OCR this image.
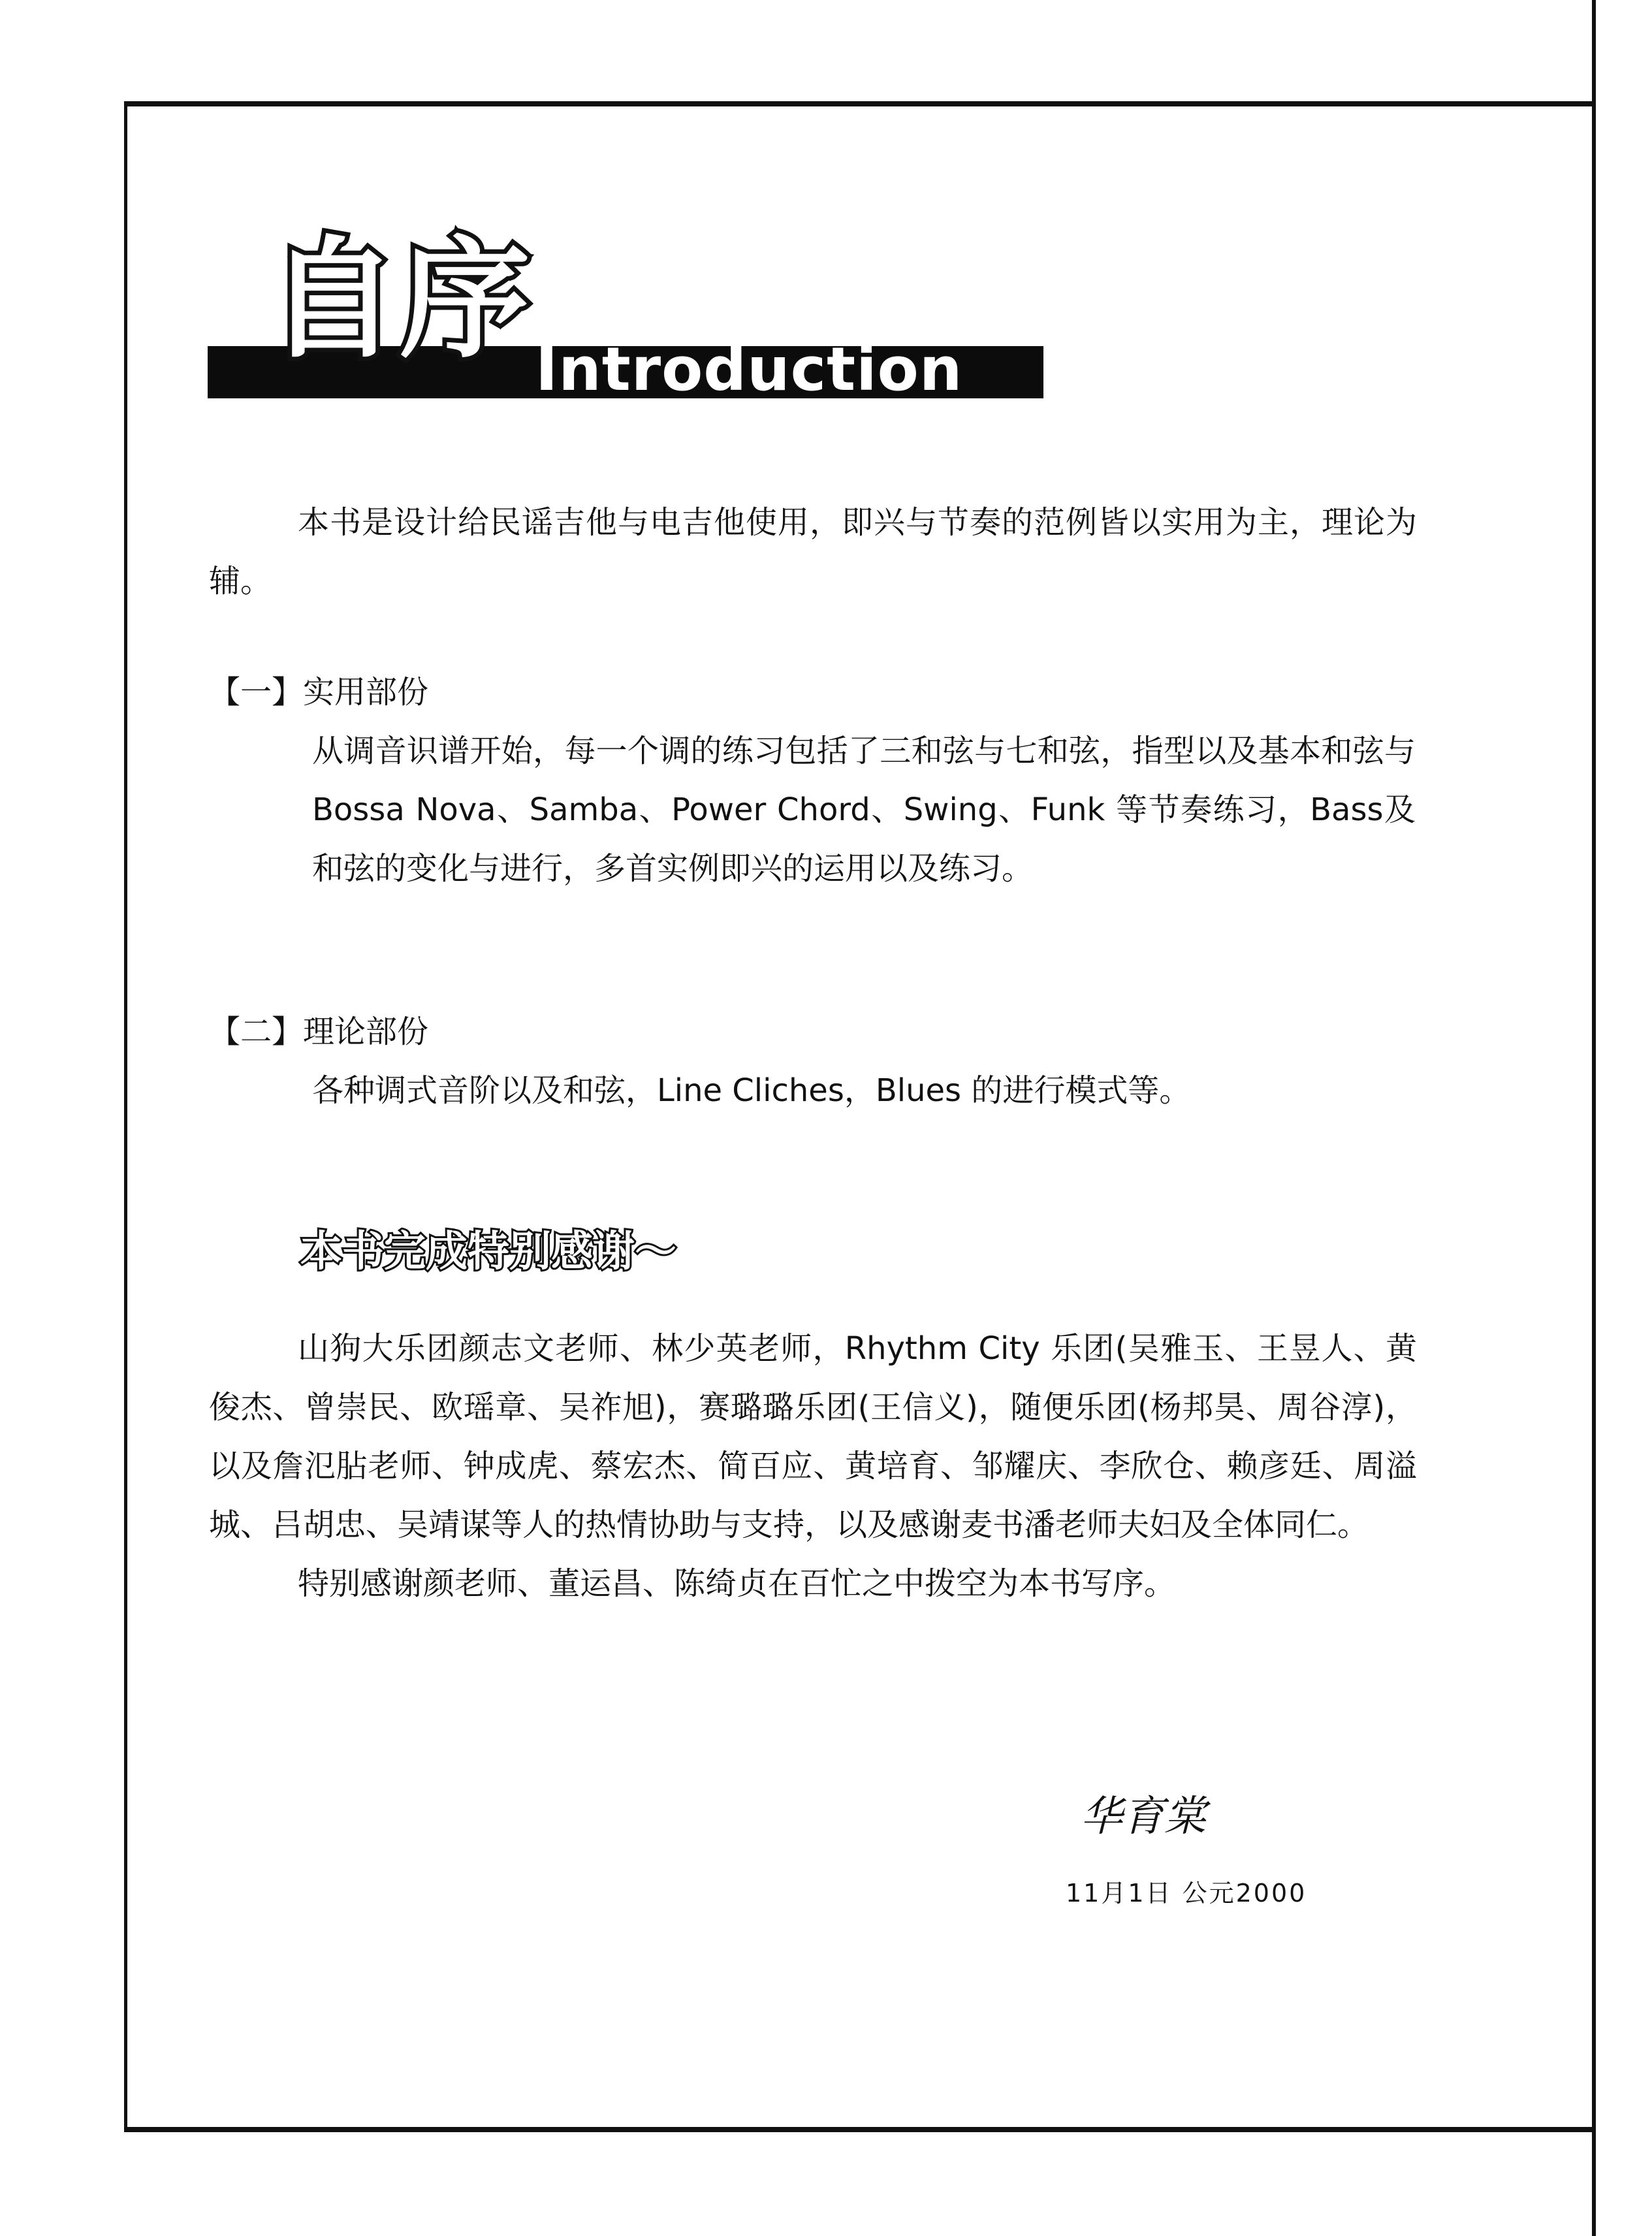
自序 Introduction

本书是设计给民谣吉他与电吉他使用，即兴与节奏的范例皆以实用为主，理论为辅。

【一】实用部份
从调音识谱开始，每一个调的练习包括了三和弦与七和弦，指型以及基本和弦与 Bossa Nova、Samba、Power Chord、Swing、Funk 等节奏练习，Bass及和弦的变化与进行，多首实例即兴的运用以及练习。
【二】理论部份
各种调式音阶以及和弦，Line Cliches，Blues 的进行模式等。
本书完成特别感谢～

山狗大乐团颜志文老师、林少英老师，Rhythm City 乐团(吴雅玉、王昱人、黄俊杰、曾崇民、欧瑶章、吴祚旭)，赛璐璐乐团(王信义)，随便乐团(杨邦昊、周谷淳)，以及詹氾胋老师、钟成虎、蔡宏杰、简百应、黄培育、邹耀庆、李欣仓、赖彦廷、周溢城、吕胡忠、吴靖谋等人的热情协助与支持，以及感谢麦书潘老师夫妇及全体同仁。

特别感谢颜老师、董运昌、陈绮贞在百忙之中拨空为本书写序。

华育棠
11月1日 公元2000
